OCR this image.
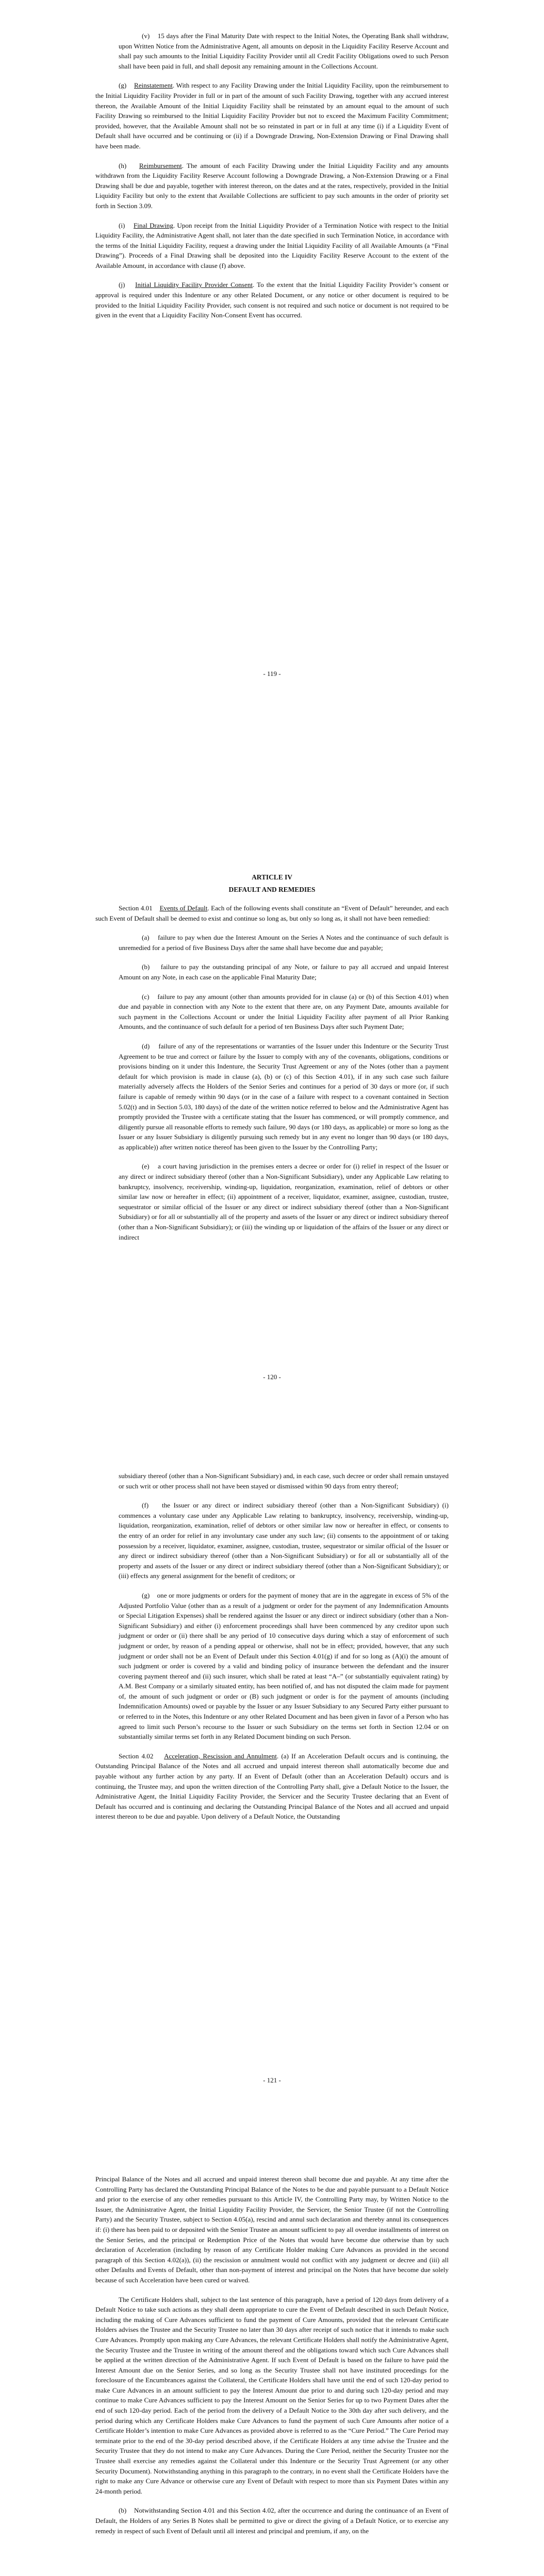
(v) 15 days after the Final Maturity Date with respect to the Initial Notes, the Operating Bank shall withdraw, upon Written Notice from the Administrative Agent, all amounts on deposit in the Liquidity Facility Reserve Account and shall pay such amounts to the Initial Liquidity Facility Provider until all Credit Facility Obligations owed to such Person shall have been paid in full, and shall deposit any remaining amount in the Collections Account.

(g) Reinstatement. With respect to any Facility Drawing under the Initial Liquidity Facility, upon the reimbursement to the Initial Liquidity Facility Provider in full or in part of the amount of such Facility Drawing, together with any accrued interest thereon, the Available Amount of the Initial Liquidity Facility shall be reinstated by an amount equal to the amount of such Facility Drawing so reimbursed to the Initial Liquidity Facility Provider but not to exceed the Maximum Facility Commitment; provided, however, that the Available Amount shall not be so reinstated in part or in full at any time (i) if a Liquidity Event of Default shall have occurred and be continuing or (ii) if a Downgrade Drawing, Non-Extension Drawing or Final Drawing shall have been made.

(h) Reimbursement. The amount of each Facility Drawing under the Initial Liquidity Facility and any amounts withdrawn from the Liquidity Facility Reserve Account following a Downgrade Drawing, a Non-Extension Drawing or a Final Drawing shall be due and payable, together with interest thereon, on the dates and at the rates, respectively, provided in the Initial Liquidity Facility but only to the extent that Available Collections are sufficient to pay such amounts in the order of priority set forth in Section 3.09.

(i) Final Drawing. Upon receipt from the Initial Liquidity Provider of a Termination Notice with respect to the Initial Liquidity Facility, the Administrative Agent shall, not later than the date specified in such Termination Notice, in accordance with the terms of the Initial Liquidity Facility, request a drawing under the Initial Liquidity Facility of all Available Amounts (a “Final Drawing”). Proceeds of a Final Drawing shall be deposited into the Liquidity Facility Reserve Account to the extent of the Available Amount, in accordance with clause (f) above.

(j) Initial Liquidity Facility Provider Consent. To the extent that the Initial Liquidity Facility Provider’s consent or approval is required under this Indenture or any other Related Document, or any notice or other document is required to be provided to the Initial Liquidity Facility Provider, such consent is not required and such notice or document is not required to be given in the event that a Liquidity Facility Non-Consent Event has occurred.

- 119 -
ARTICLE IV
DEFAULT AND REMEDIES

Section 4.01 Events of Default. Each of the following events shall constitute an “Event of Default” hereunder, and each such Event of Default shall be deemed to exist and continue so long as, but only so long as, it shall not have been remedied:

(a) failure to pay when due the Interest Amount on the Series A Notes and the continuance of such default is unremedied for a period of five Business Days after the same shall have become due and payable;

(b) failure to pay the outstanding principal of any Note, or failure to pay all accrued and unpaid Interest Amount on any Note, in each case on the applicable Final Maturity Date;

(c) failure to pay any amount (other than amounts provided for in clause (a) or (b) of this Section 4.01) when due and payable in connection with any Note to the extent that there are, on any Payment Date, amounts available for such payment in the Collections Account or under the Initial Liquidity Facility after payment of all Prior Ranking Amounts, and the continuance of such default for a period of ten Business Days after such Payment Date;

(d) failure of any of the representations or warranties of the Issuer under this Indenture or the Security Trust Agreement to be true and correct or failure by the Issuer to comply with any of the covenants, obligations, conditions or provisions binding on it under this Indenture, the Security Trust Agreement or any of the Notes (other than a payment default for which provision is made in clause (a), (b) or (c) of this Section 4.01), if in any such case such failure materially adversely affects the Holders of the Senior Series and continues for a period of 30 days or more (or, if such failure is capable of remedy within 90 days (or in the case of a failure with respect to a covenant contained in Section 5.02(t) and in Section 5.03, 180 days) of the date of the written notice referred to below and the Administrative Agent has promptly provided the Trustee with a certificate stating that the Issuer has commenced, or will promptly commence, and diligently pursue all reasonable efforts to remedy such failure, 90 days (or 180 days, as applicable) or more so long as the Issuer or any Issuer Subsidiary is diligently pursuing such remedy but in any event no longer than 90 days (or 180 days, as applicable)) after written notice thereof has been given to the Issuer by the Controlling Party;

(e) a court having jurisdiction in the premises enters a decree or order for (i) relief in respect of the Issuer or any direct or indirect subsidiary thereof (other than a Non-Significant Subsidiary), under any Applicable Law relating to bankruptcy, insolvency, receivership, winding-up, liquidation, reorganization, examination, relief of debtors or other similar law now or hereafter in effect; (ii) appointment of a receiver, liquidator, examiner, assignee, custodian, trustee, sequestrator or similar official of the Issuer or any direct or indirect subsidiary thereof (other than a Non-Significant Subsidiary) or for all or substantially all of the property and assets of the Issuer or any direct or indirect subsidiary thereof (other than a Non-Significant Subsidiary); or (iii) the winding up or liquidation of the affairs of the Issuer or any direct or indirect

- 120 -

subsidiary thereof (other than a Non-Significant Subsidiary) and, in each case, such decree or order shall remain unstayed or such writ or other process shall not have been stayed or dismissed within 90 days from entry thereof;

(f) the Issuer or any direct or indirect subsidiary thereof (other than a Non-Significant Subsidiary) (i) commences a voluntary case under any Applicable Law relating to bankruptcy, insolvency, receivership, winding-up, liquidation, reorganization, examination, relief of debtors or other similar law now or hereafter in effect, or consents to the entry of an order for relief in any involuntary case under any such law; (ii) consents to the appointment of or taking possession by a receiver, liquidator, examiner, assignee, custodian, trustee, sequestrator or similar official of the Issuer or any direct or indirect subsidiary thereof (other than a Non-Significant Subsidiary) or for all or substantially all of the property and assets of the Issuer or any direct or indirect subsidiary thereof (other than a Non-Significant Subsidiary); or (iii) effects any general assignment for the benefit of creditors; or

(g) one or more judgments or orders for the payment of money that are in the aggregate in excess of 5% of the Adjusted Portfolio Value (other than as a result of a judgment or order for the payment of any Indemnification Amounts or Special Litigation Expenses) shall be rendered against the Issuer or any direct or indirect subsidiary (other than a Non-Significant Subsidiary) and either (i) enforcement proceedings shall have been commenced by any creditor upon such judgment or order or (ii) there shall be any period of 10 consecutive days during which a stay of enforcement of such judgment or order, by reason of a pending appeal or otherwise, shall not be in effect; provided, however, that any such judgment or order shall not be an Event of Default under this Section 4.01(g) if and for so long as (A)(i) the amount of such judgment or order is covered by a valid and binding policy of insurance between the defendant and the insurer covering payment thereof and (ii) such insurer, which shall be rated at least “A–” (or substantially equivalent rating) by A.M. Best Company or a similarly situated entity, has been notified of, and has not disputed the claim made for payment of, the amount of such judgment or order or (B) such judgment or order is for the payment of amounts (including Indemnification Amounts) owed or payable by the Issuer or any Issuer Subsidiary to any Secured Party either pursuant to or referred to in the Notes, this Indenture or any other Related Document and has been given in favor of a Person who has agreed to limit such Person’s recourse to the Issuer or such Subsidiary on the terms set forth in Section 12.04 or on substantially similar terms set forth in any Related Document binding on such Person.

Section 4.02 Acceleration, Rescission and Annulment. (a) If an Acceleration Default occurs and is continuing, the Outstanding Principal Balance of the Notes and all accrued and unpaid interest thereon shall automatically become due and payable without any further action by any party. If an Event of Default (other than an Acceleration Default) occurs and is continuing, the Trustee may, and upon the written direction of the Controlling Party shall, give a Default Notice to the Issuer, the Administrative Agent, the Initial Liquidity Facility Provider, the Servicer and the Security Trustee declaring that an Event of Default has occurred and is continuing and declaring the Outstanding Principal Balance of the Notes and all accrued and unpaid interest thereon to be due and payable. Upon delivery of a Default Notice, the Outstanding

- 121 -

Principal Balance of the Notes and all accrued and unpaid interest thereon shall become due and payable. At any time after the Controlling Party has declared the Outstanding Principal Balance of the Notes to be due and payable pursuant to a Default Notice and prior to the exercise of any other remedies pursuant to this Article IV, the Controlling Party may, by Written Notice to the Issuer, the Administrative Agent, the Initial Liquidity Facility Provider, the Servicer, the Senior Trustee (if not the Controlling Party) and the Security Trustee, subject to Section 4.05(a), rescind and annul such declaration and thereby annul its consequences if: (i) there has been paid to or deposited with the Senior Trustee an amount sufficient to pay all overdue installments of interest on the Senior Series, and the principal or Redemption Price of the Notes that would have become due otherwise than by such declaration of Acceleration (including by reason of any Certificate Holder making Cure Advances as provided in the second paragraph of this Section 4.02(a)), (ii) the rescission or annulment would not conflict with any judgment or decree and (iii) all other Defaults and Events of Default, other than non-payment of interest and principal on the Notes that have become due solely because of such Acceleration have been cured or waived.

The Certificate Holders shall, subject to the last sentence of this paragraph, have a period of 120 days from delivery of a Default Notice to take such actions as they shall deem appropriate to cure the Event of Default described in such Default Notice, including the making of Cure Advances sufficient to fund the payment of Cure Amounts, provided that the relevant Certificate Holders advises the Trustee and the Security Trustee no later than 30 days after receipt of such notice that it intends to make such Cure Advances. Promptly upon making any Cure Advances, the relevant Certificate Holders shall notify the Administrative Agent, the Security Trustee and the Trustee in writing of the amount thereof and the obligations toward which such Cure Advances shall be applied at the written direction of the Administrative Agent. If such Event of Default is based on the failure to have paid the Interest Amount due on the Senior Series, and so long as the Security Trustee shall not have instituted proceedings for the foreclosure of the Encumbrances against the Collateral, the Certificate Holders shall have until the end of such 120-day period to make Cure Advances in an amount sufficient to pay the Interest Amount due prior to and during such 120-day period and may continue to make Cure Advances sufficient to pay the Interest Amount on the Senior Series for up to two Payment Dates after the end of such 120-day period. Each of the period from the delivery of a Default Notice to the 30th day after such delivery, and the period during which any Certificate Holders make Cure Advances to fund the payment of such Cure Amounts after notice of a Certificate Holder’s intention to make Cure Advances as provided above is referred to as the “Cure Period.” The Cure Period may terminate prior to the end of the 30-day period described above, if the Certificate Holders at any time advise the Trustee and the Security Trustee that they do not intend to make any Cure Advances. During the Cure Period, neither the Security Trustee nor the Trustee shall exercise any remedies against the Collateral under this Indenture or the Security Trust Agreement (or any other Security Document). Notwithstanding anything in this paragraph to the contrary, in no event shall the Certificate Holders have the right to make any Cure Advance or otherwise cure any Event of Default with respect to more than six Payment Dates within any 24-month period.

(b) Notwithstanding Section 4.01 and this Section 4.02, after the occurrence and during the continuance of an Event of Default, the Holders of any Series B Notes shall be permitted to give or direct the giving of a Default Notice, or to exercise any remedy in respect of such Event of Default until all interest and principal and premium, if any, on the
